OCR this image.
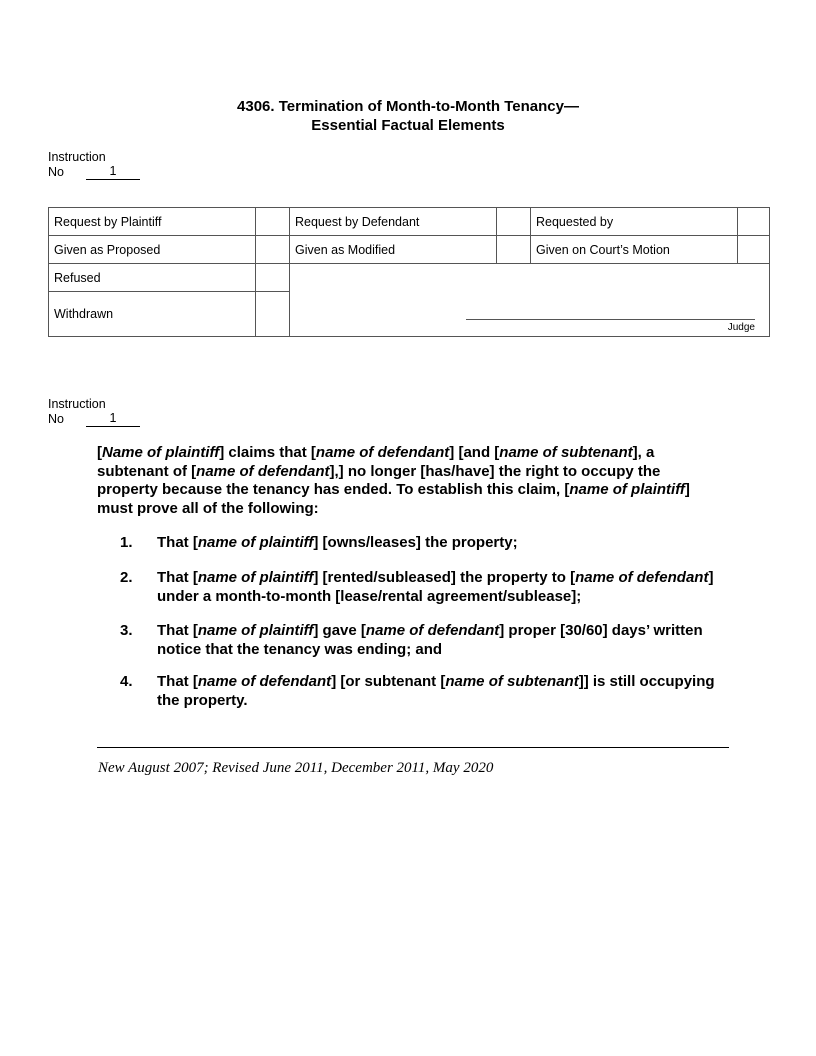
4306. Termination of Month-to-Month Tenancy—
Essential Factual Elements
Instruction
No	1
Request by Plaintiff		Request by Defendant		Requested by	
Given as Proposed		Given as Modified		Given on Court’s Motion	
Refused		Judge			

Withdrawn					
Instruction
No	1
[Name of plaintiff] claims that [name of defendant] [and [name of subtenant], a subtenant of [name of defendant],] no longer [has/have] the right to occupy the property because the tenancy has ended. To establish this claim, [name of plaintiff] must prove all of the following:
1.	That [name of plaintiff] [owns/leases] the property;
2.	That [name of plaintiff] [rented/subleased] the property to [name of defendant] under a month-to-month [lease/rental agreement/sublease];
3.	That [name of plaintiff] gave [name of defendant] proper [30/60] days’ written notice that the tenancy was ending; and
4.	That [name of defendant] [or subtenant [name of subtenant]] is still occupying the property.
New August 2007; Revised June 2011, December 2011, May 2020
